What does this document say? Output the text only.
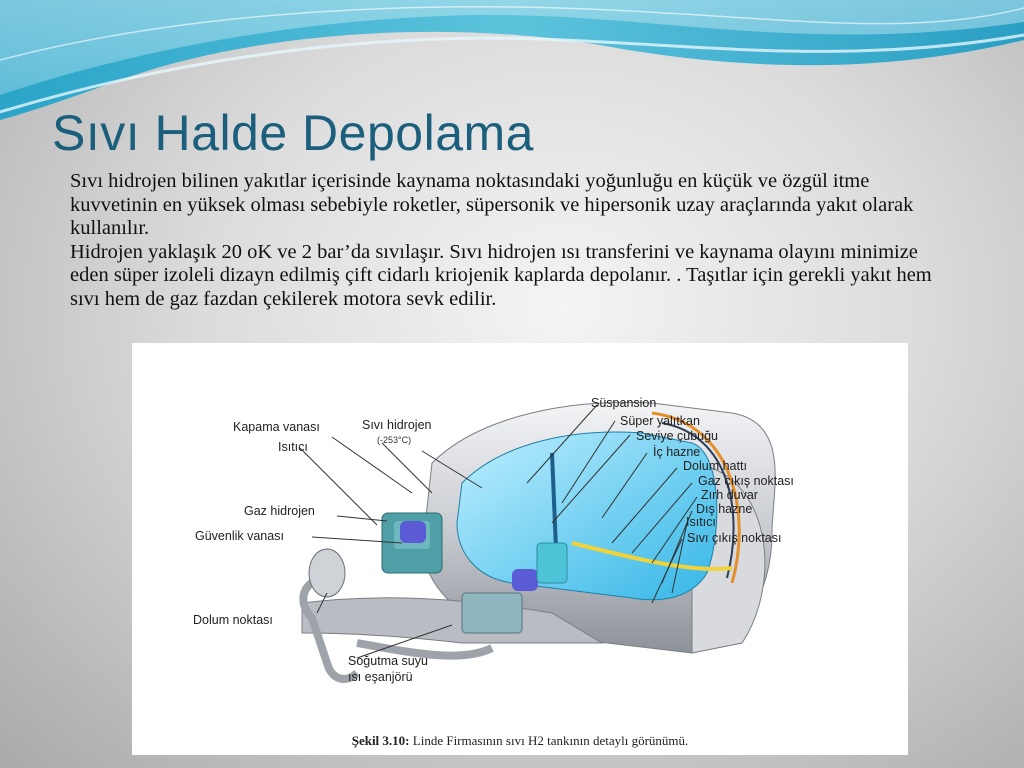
Sıvı Halde Depolama

Sıvı hidrojen bilinen yakıtlar içerisinde kaynama noktasındaki yoğunluğu en küçük ve özgül itme kuvvetinin en yüksek olması sebebiyle roketler, süpersonik ve hipersonik uzay araçlarında yakıt olarak kullanılır.

Hidrojen yaklaşık 20 oK ve 2 bar’da sıvılaşır. Sıvı hidrojen ısı transferini ve kaynama olayını minimize eden süper izoleli dizayn edilmiş çift cidarlı kriojenik kaplarda depolanır. . Taşıtlar için gerekli yakıt hem sıvı hem de gaz fazdan çekilerek motora sevk edilir.

Kapama vanası
Isıtıcı
Sıvı hidrojen
(-253°C)
Gaz hidrojen
Güvenlik vanası
Dolum noktası
Soğutma suyu
ısı eşanjörü
Süspansion
Süper yalıtkan
Seviye çubuğu
İç hazne
Dolum hattı
Gaz çıkış noktası
Zırh duvar
Dış hazne
Isıtıcı
Sıvı çıkış noktası
Şekil 3.10: Linde Firmasının sıvı H2 tankının detaylı görünümü.
